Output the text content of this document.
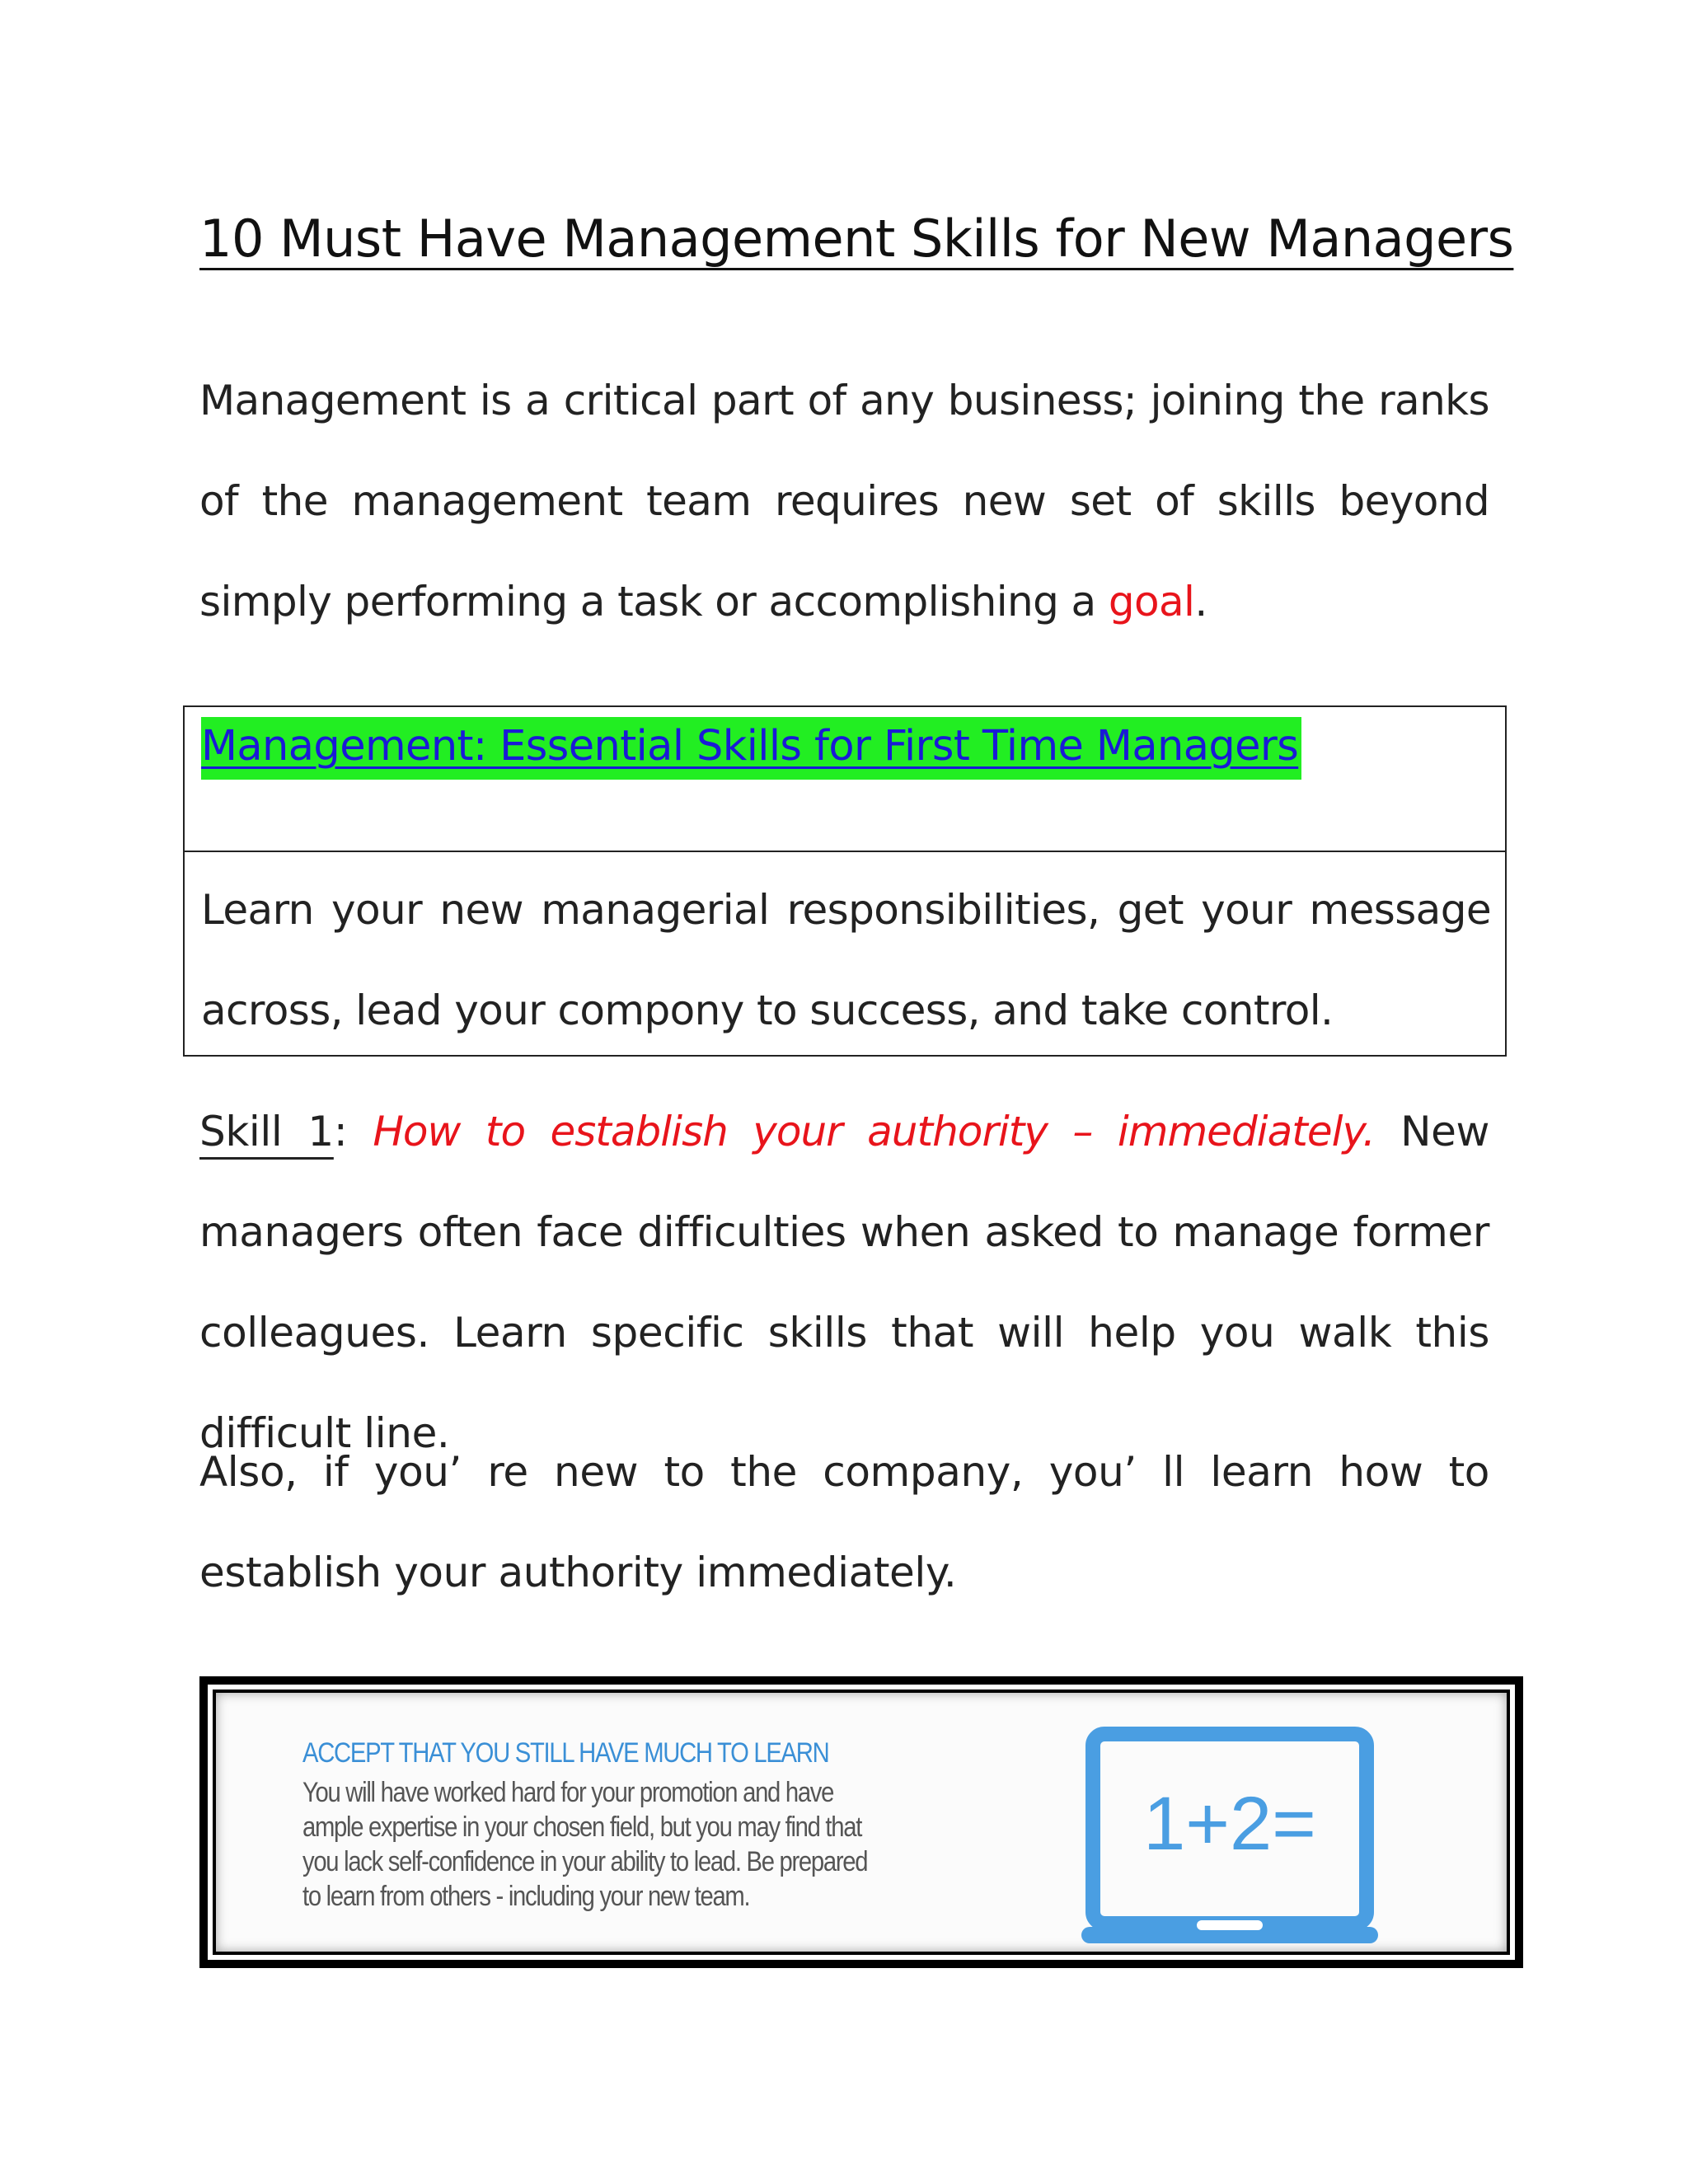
10 Must Have Management Skills for New Managers
Management is a critical part of any business; joining the ranks of the management team requires new set of skills beyond simply performing a task or accomplishing a goal.
Management: Essential Skills for First Time Managers
Learn your new managerial responsibilities, get your message across, lead your compony to success, and take control.
Skill 1: How to establish your authority – immediately. New managers often face difficulties when asked to manage former colleagues. Learn specific skills that will help you walk this difficult line.
Also, if you’ re new to the company, you’ ll learn how to establish your authority immediately.
ACCEPT THAT YOU STILL HAVE MUCH TO LEARN
You will have worked hard for your promotion and have
ample expertise in your chosen field, but you may find that
you lack self-confidence in your ability to lead. Be prepared
to learn from others - including your new team.
1+2=
